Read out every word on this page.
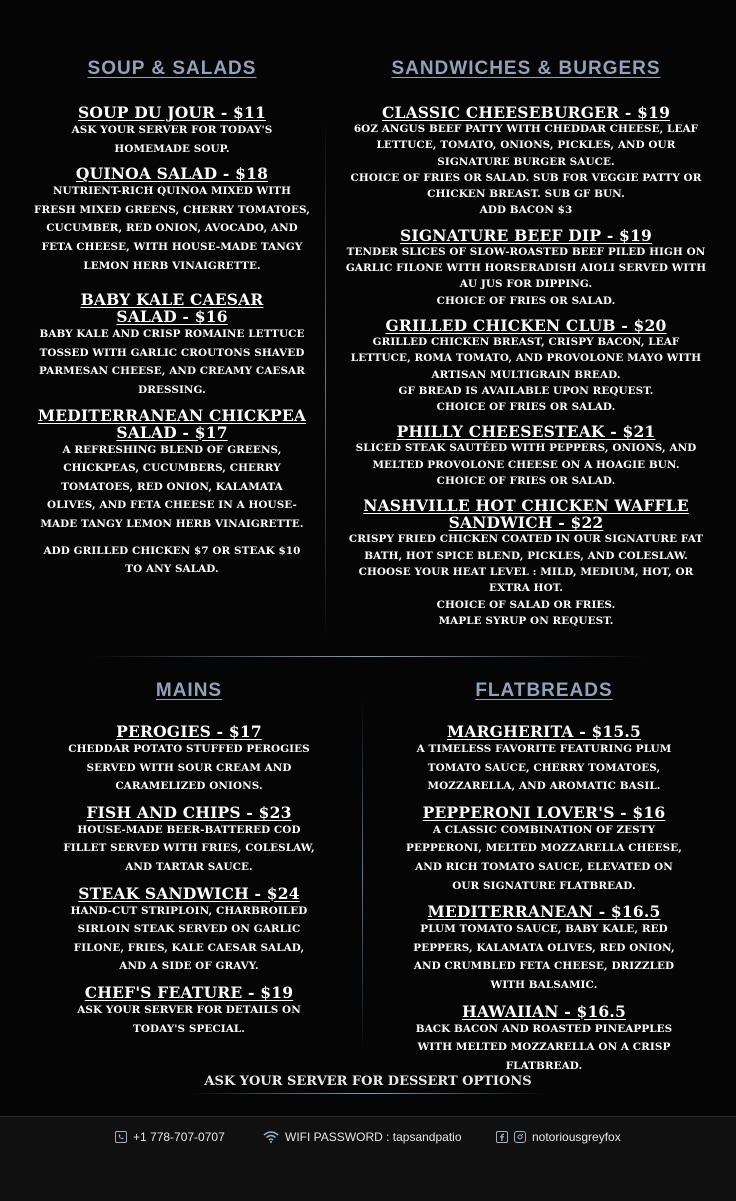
SOUP & SALADS
SOUP DU JOUR - $11
ASK YOUR SERVER FOR TODAY'S
HOMEMADE SOUP.
QUINOA SALAD - $18
NUTRIENT-RICH QUINOA MIXED WITH
FRESH MIXED GREENS, CHERRY TOMATOES,
CUCUMBER, RED ONION, AVOCADO, AND
FETA CHEESE, WITH HOUSE-MADE TANGY
LEMON HERB VINAIGRETTE.
BABY KALE CAESAR
SALAD - $16
BABY KALE AND CRISP ROMAINE LETTUCE
TOSSED WITH GARLIC CROUTONS SHAVED
PARMESAN CHEESE, AND CREAMY CAESAR
DRESSING.
MEDITERRANEAN CHICKPEA
SALAD - $17
A REFRESHING BLEND OF GREENS,
CHICKPEAS, CUCUMBERS, CHERRY
TOMATOES, RED ONION, KALAMATA
OLIVES, AND FETA CHEESE IN A HOUSE-
MADE TANGY LEMON HERB VINAIGRETTE.
ADD GRILLED CHICKEN $7 OR STEAK $10
TO ANY SALAD.
SANDWICHES & BURGERS
CLASSIC CHEESEBURGER - $19
6OZ ANGUS BEEF PATTY WITH CHEDDAR CHEESE, LEAF
LETTUCE, TOMATO, ONIONS, PICKLES, AND OUR
SIGNATURE BURGER SAUCE.
CHOICE OF FRIES OR SALAD. SUB FOR VEGGIE PATTY OR
CHICKEN BREAST. SUB GF BUN.
ADD BACON $3
SIGNATURE BEEF DIP - $19
TENDER SLICES OF SLOW-ROASTED BEEF PILED HIGH ON
GARLIC FILONE WITH HORSERADISH AIOLI SERVED WITH
AU JUS FOR DIPPING.
CHOICE OF FRIES OR SALAD.
GRILLED CHICKEN CLUB - $20
GRILLED CHICKEN BREAST, CRISPY BACON, LEAF
LETTUCE, ROMA TOMATO, AND PROVOLONE MAYO WITH
ARTISAN MULTIGRAIN BREAD.
GF BREAD IS AVAILABLE UPON REQUEST.
CHOICE OF FRIES OR SALAD.
PHILLY CHEESESTEAK - $21
SLICED STEAK SAUTÉED WITH PEPPERS, ONIONS, AND
MELTED PROVOLONE CHEESE ON A HOAGIE BUN.
CHOICE OF FRIES OR SALAD.
NASHVILLE HOT CHICKEN WAFFLE
SANDWICH - $22
CRISPY FRIED CHICKEN COATED IN OUR SIGNATURE FAT
BATH, HOT SPICE BLEND, PICKLES, AND COLESLAW.
CHOOSE YOUR HEAT LEVEL : MILD, MEDIUM, HOT, OR
EXTRA HOT.
CHOICE OF SALAD OR FRIES.
MAPLE SYRUP ON REQUEST.
MAINS
PEROGIES - $17
CHEDDAR POTATO STUFFED PEROGIES
SERVED WITH SOUR CREAM AND
CARAMELIZED ONIONS.
FISH AND CHIPS - $23
HOUSE-MADE BEER-BATTERED COD
FILLET SERVED WITH FRIES, COLESLAW,
AND TARTAR SAUCE.
STEAK SANDWICH - $24
HAND-CUT STRIPLOIN, CHARBROILED
SIRLOIN STEAK SERVED ON GARLIC
FILONE, FRIES, KALE CAESAR SALAD,
AND A SIDE OF GRAVY.
CHEF'S FEATURE - $19
ASK YOUR SERVER FOR DETAILS ON
TODAY'S SPECIAL.
FLATBREADS
MARGHERITA - $15.5
A TIMELESS FAVORITE FEATURING PLUM
TOMATO SAUCE, CHERRY TOMATOES,
MOZZARELLA, AND AROMATIC BASIL.
PEPPERONI LOVER'S - $16
A CLASSIC COMBINATION OF ZESTY
PEPPERONI, MELTED MOZZARELLA CHEESE,
AND RICH TOMATO SAUCE, ELEVATED ON
OUR SIGNATURE FLATBREAD.
MEDITERRANEAN - $16.5
PLUM TOMATO SAUCE, BABY KALE, RED
PEPPERS, KALAMATA OLIVES, RED ONION,
AND CRUMBLED FETA CHEESE, DRIZZLED
WITH BALSAMIC.
HAWAIIAN - $16.5
BACK BACON AND ROASTED PINEAPPLES
WITH MELTED MOZZARELLA ON A CRISP
FLATBREAD.
ASK YOUR SERVER FOR DESSERT OPTIONS
+1 778-707-0707	WIFI PASSWORD : tapsandpatio	notoriousgreyfox
